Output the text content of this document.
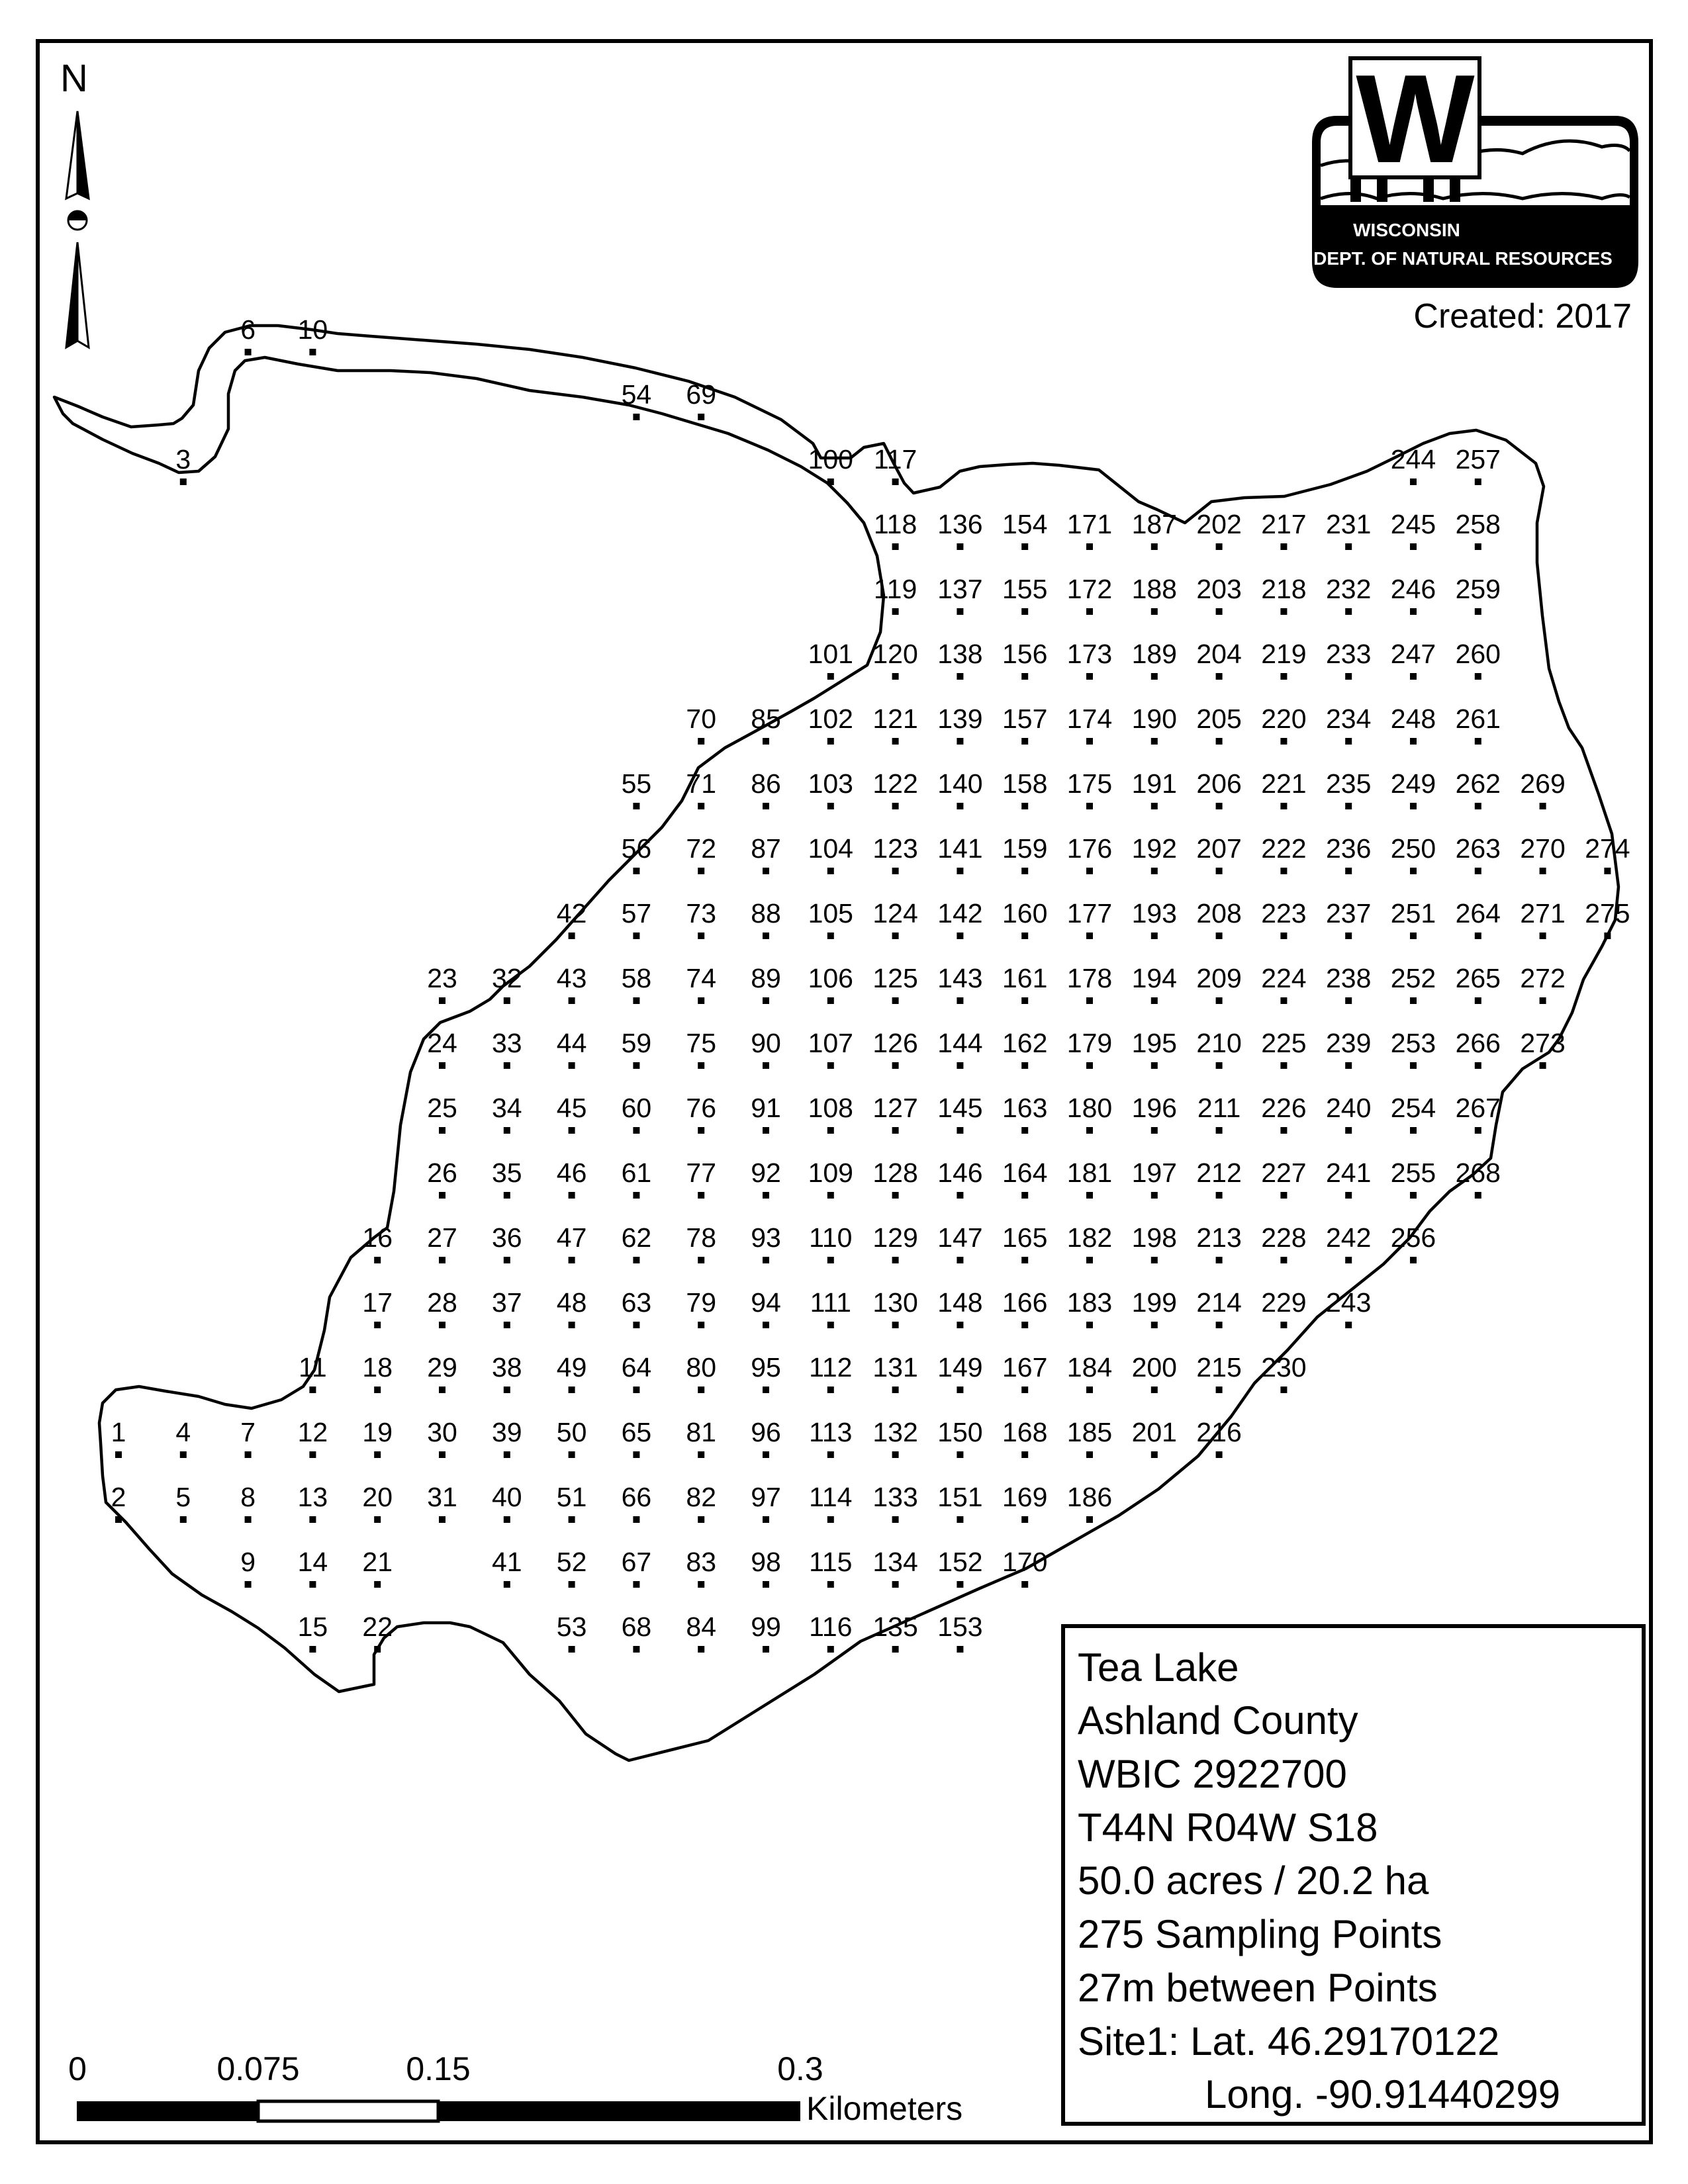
N	W
WISCONSIN
DEPT. OF NATURAL RESOURCES
Created: 2017
1
2
3
4
5
6
7
8
9
10
11
12
13
14
15
16
17
18
19
20
21
22
23
24
25
26
27
28
29
30
31
32
33
34
35
36
37
38
39
40
41
42
43
44
45
46
47
48
49
50
51
52
53
54
55
56
57
58
59
60
61
62
63
64
65
66
67
68
69
70
71
72
73
74
75
76
77
78
79
80
81
82
83
84
85
86
87
88
89
90
91
92
93
94
95
96
97
98
99
100
101
102
103
104
105
106
107
108
109
110
111
112
113
114
115
116
117
118
119
120
121
122
123
124
125
126
127
128
129
130
131
132
133
134
135
136
137
138
139
140
141
142
143
144
145
146
147
148
149
150
151
152
153
154
155
156
157
158
159
160
161
162
163
164
165
166
167
168
169
170
171
172
173
174
175
176
177
178
179
180
181
182
183
184
185
186
187
188
189
190
191
192
193
194
195
196
197
198
199
200
201
202
203
204
205
206
207
208
209
210
211
212
213
214
215
216
217
218
219
220
221
222
223
224
225
226
227
228
229
230
231
232
233
234
235
236
237
238
239
240
241
242
243
244
245
246
247
248
249
250
251
252
253
254
255
256
257
258
259
260
261
262
263
264
265
266
267
268
269
270
271
272
273
274
275
Tea Lake
Ashland County
WBIC 2922700
T44N R04W S18
50.0 acres / 20.2 ha
275 Sampling Points
27m between Points
Site1: Lat. 46.29170122
Long. -90.91440299
0	0.075	0.15	0.3
Kilometers
